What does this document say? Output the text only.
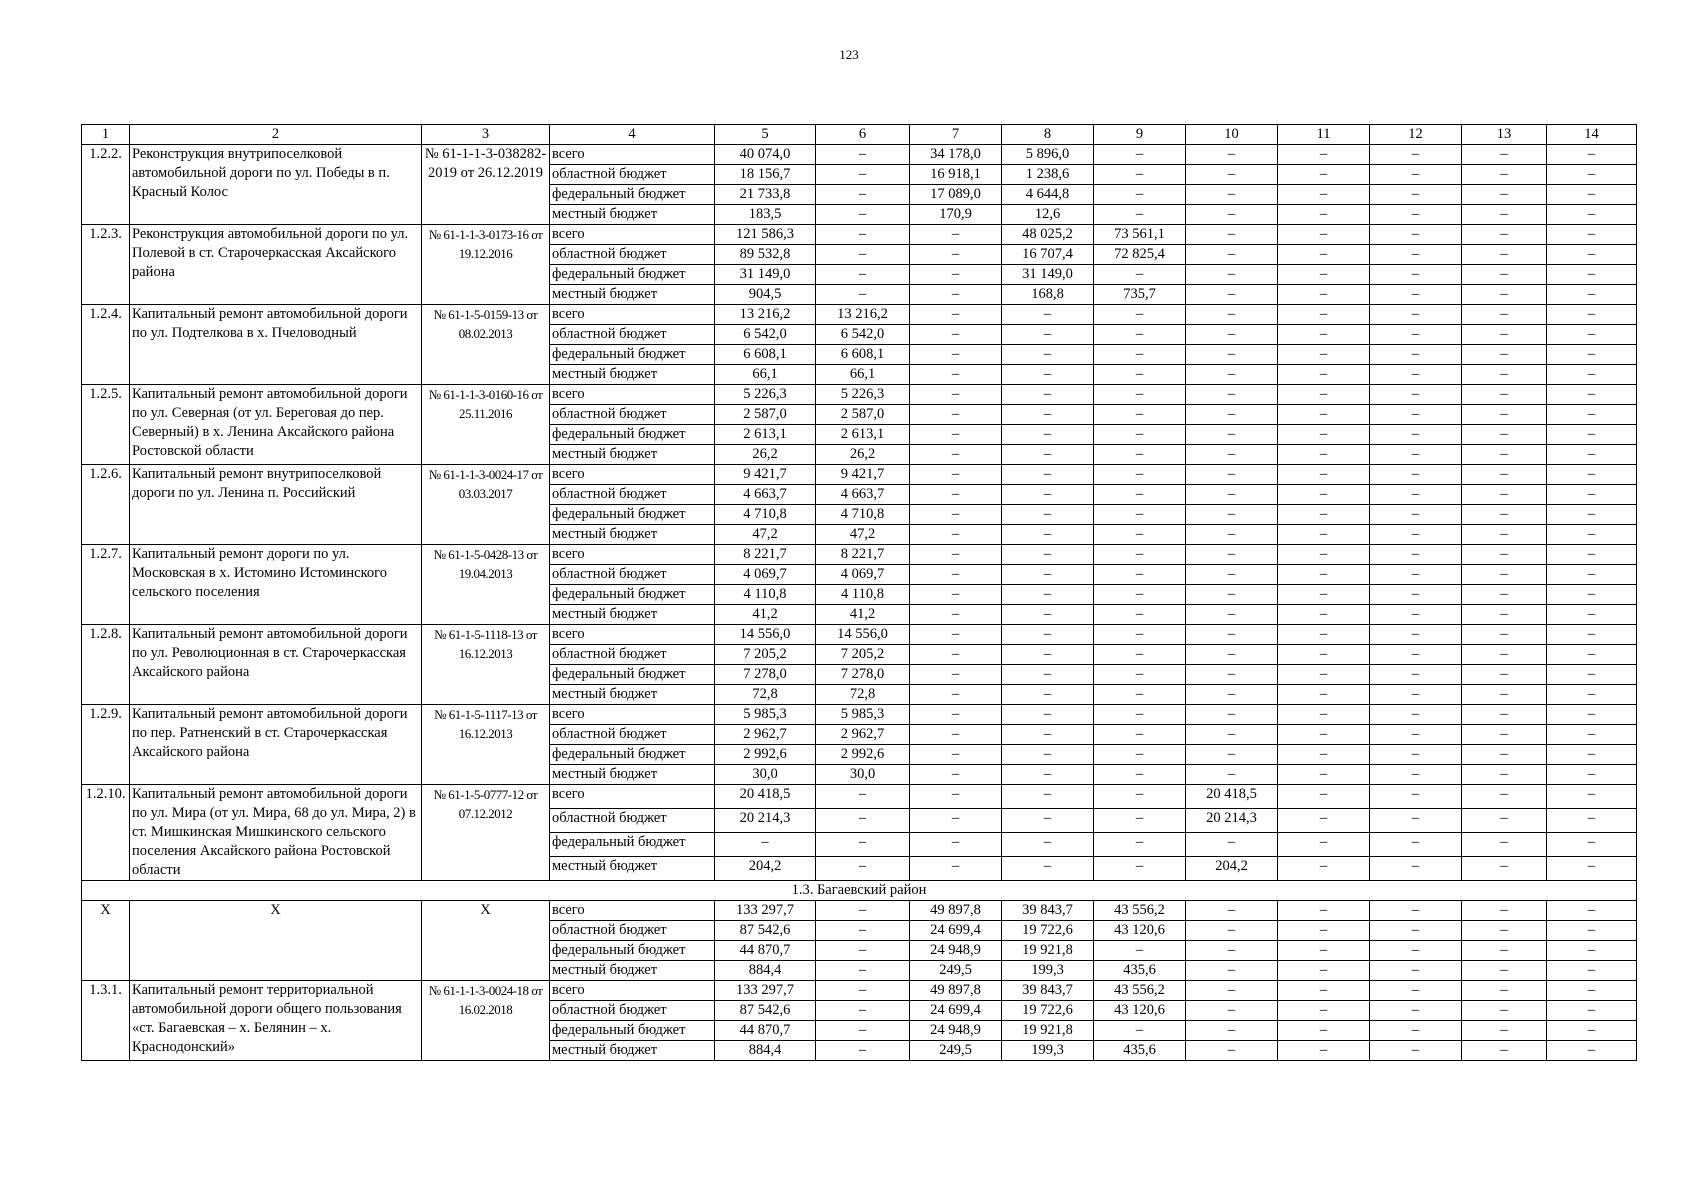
123
1	2	3	4	5	6	7	8	9	10	11	12	13	14
1.2.2.	Реконструкция внутрипоселковой автомобильной дороги по ул. Победы в п. Красный Колос	№ 61-1-1-3-038282-2019 от 26.12.2019	всего	40 074,0	–	34 178,0	5 896,0	–	–	–	–	–	–
			областной бюджет	18 156,7	–	16 918,1	1 238,6	–	–	–	–	–	–
			федеральный бюджет	21 733,8	–	17 089,0	4 644,8	–	–	–	–	–	–
			местный бюджет	183,5	–	170,9	12,6	–	–	–	–	–	–
1.2.3.	Реконструкция автомобильной дороги по ул. Полевой в ст. Старочеркасская Аксайского района	№ 61-1-1-3-0173-16 от 19.12.2016	всего	121 586,3	–	–	48 025,2	73 561,1	–	–	–	–	–
			областной бюджет	89 532,8	–	–	16 707,4	72 825,4	–	–	–	–	–
			федеральный бюджет	31 149,0	–	–	31 149,0	–	–	–	–	–	–
			местный бюджет	904,5	–	–	168,8	735,7	–	–	–	–	–
1.2.4.	Капитальный ремонт автомобильной дороги по ул. Подтелкова в х. Пчеловодный	№ 61-1-5-0159-13 от 08.02.2013	всего	13 216,2	13 216,2	–	–	–	–	–	–	–	–
			областной бюджет	6 542,0	6 542,0	–	–	–	–	–	–	–	–
			федеральный бюджет	6 608,1	6 608,1	–	–	–	–	–	–	–	–
			местный бюджет	66,1	66,1	–	–	–	–	–	–	–	–
1.2.5.	Капитальный ремонт автомобильной дороги по ул. Северная (от ул. Береговая до пер. Северный) в х. Ленина Аксайского района Ростовской области	№ 61-1-1-3-0160-16 от 25.11.2016	всего	5 226,3	5 226,3	–	–	–	–	–	–	–	–
			областной бюджет	2 587,0	2 587,0	–	–	–	–	–	–	–	–
			федеральный бюджет	2 613,1	2 613,1	–	–	–	–	–	–	–	–
			местный бюджет	26,2	26,2	–	–	–	–	–	–	–	–
1.2.6.	Капитальный ремонт внутрипоселковой дороги по ул. Ленина п. Российский	№ 61-1-1-3-0024-17 от 03.03.2017	всего	9 421,7	9 421,7	–	–	–	–	–	–	–	–
			областной бюджет	4 663,7	4 663,7	–	–	–	–	–	–	–	–
			федеральный бюджет	4 710,8	4 710,8	–	–	–	–	–	–	–	–
			местный бюджет	47,2	47,2	–	–	–	–	–	–	–	–
1.2.7.	Капитальный ремонт дороги по ул. Московская в х. Истомино Истоминского сельского поселения	№ 61-1-5-0428-13 от 19.04.2013	всего	8 221,7	8 221,7	–	–	–	–	–	–	–	–
			областной бюджет	4 069,7	4 069,7	–	–	–	–	–	–	–	–
			федеральный бюджет	4 110,8	4 110,8	–	–	–	–	–	–	–	–
			местный бюджет	41,2	41,2	–	–	–	–	–	–	–	–
1.2.8.	Капитальный ремонт автомобильной дороги по ул. Революционная в ст. Старочеркасская Аксайского района	№ 61-1-5-1118-13 от 16.12.2013	всего	14 556,0	14 556,0	–	–	–	–	–	–	–	–
			областной бюджет	7 205,2	7 205,2	–	–	–	–	–	–	–	–
			федеральный бюджет	7 278,0	7 278,0	–	–	–	–	–	–	–	–
			местный бюджет	72,8	72,8	–	–	–	–	–	–	–	–
1.2.9.	Капитальный ремонт автомобильной дороги по пер. Ратненский в ст. Старочеркасская Аксайского района	№ 61-1-5-1117-13 от 16.12.2013	всего	5 985,3	5 985,3	–	–	–	–	–	–	–	–
			областной бюджет	2 962,7	2 962,7	–	–	–	–	–	–	–	–
			федеральный бюджет	2 992,6	2 992,6	–	–	–	–	–	–	–	–
			местный бюджет	30,0	30,0	–	–	–	–	–	–	–	–
1.2.10.	Капитальный ремонт автомобильной дороги по ул. Мира (от ул. Мира, 68 до ул. Мира, 2) в ст. Мишкинская Мишкинского сельского поселения Аксайского района Ростовской области	№ 61-1-5-0777-12 от 07.12.2012	всего	20 418,5	–	–	–	–	20 418,5	–	–	–	–
			областной бюджет	20 214,3	–	–	–	–	20 214,3	–	–	–	–
			федеральный бюджет	–	–	–	–	–	–	–	–	–	–
			местный бюджет	204,2	–	–	–	–	204,2	–	–	–	–
1.3. Багаевский район													
Х	Х	Х	всего	133 297,7	–	49 897,8	39 843,7	43 556,2	–	–	–	–	–
			областной бюджет	87 542,6	–	24 699,4	19 722,6	43 120,6	–	–	–	–	–
			федеральный бюджет	44 870,7	–	24 948,9	19 921,8	–	–	–	–	–	–
			местный бюджет	884,4	–	249,5	199,3	435,6	–	–	–	–	–
1.3.1.	Капитальный ремонт территориальной автомобильной дороги общего пользования «ст. Багаевская – х. Белянин – х. Краснодонский»	№ 61-1-1-3-0024-18 от 16.02.2018	всего	133 297,7	–	49 897,8	39 843,7	43 556,2	–	–	–	–	–
			областной бюджет	87 542,6	–	24 699,4	19 722,6	43 120,6	–	–	–	–	–
			федеральный бюджет	44 870,7	–	24 948,9	19 921,8	–	–	–	–	–	–
			местный бюджет	884,4	–	249,5	199,3	435,6	–	–	–	–	–
